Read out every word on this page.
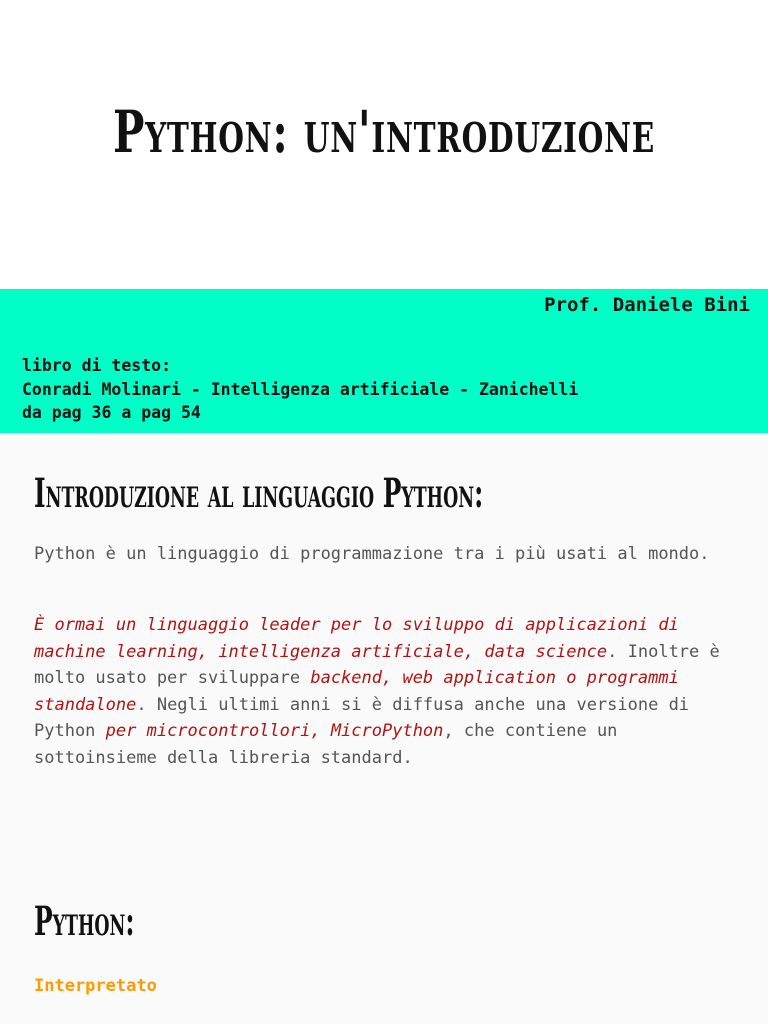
Python: un'introduzione
Prof. Daniele Bini
libro di testo:
Conradi Molinari - Intelligenza artificiale - Zanichelli
da pag 36 a pag 54
Introduzione al linguaggio Python:

Python è un linguaggio di programmazione tra i più usati al mondo.

È ormai un linguaggio leader per lo sviluppo di applicazioni di machine learning, intelligenza artificiale, data science. Inoltre è molto usato per sviluppare backend, web application o programmi standalone. Negli ultimi anni si è diffusa anche una versione di Python per microcontrollori, MicroPython, che contiene un sottoinsieme della libreria standard.

Python:
Interpretato
